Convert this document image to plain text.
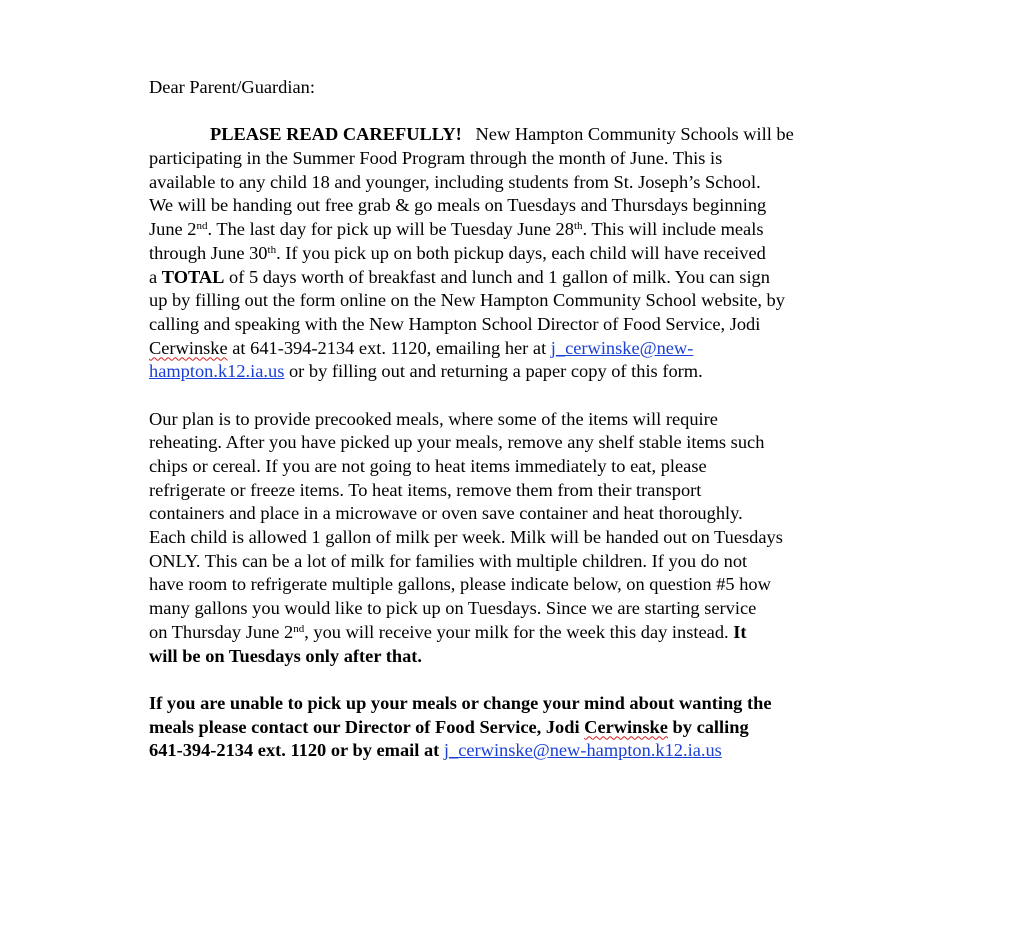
Dear Parent/Guardian:
PLEASE READ CAREFULLY! New Hampton Community Schools will be
participating in the Summer Food Program through the month of June. This is
available to any child 18 and younger, including students from St. Joseph’s School.
We will be handing out free grab & go meals on Tuesdays and Thursdays beginning
June 2nd. The last day for pick up will be Tuesday June 28th. This will include meals
through June 30th. If you pick up on both pickup days, each child will have received
a TOTAL of 5 days worth of breakfast and lunch and 1 gallon of milk. You can sign
up by filling out the form online on the New Hampton Community School website, by
calling and speaking with the New Hampton School Director of Food Service, Jodi
Cerwinske at 641-394-2134 ext. 1120, emailing her at j_cerwinske@new-
hampton.k12.ia.us or by filling out and returning a paper copy of this form.
Our plan is to provide precooked meals, where some of the items will require
reheating. After you have picked up your meals, remove any shelf stable items such
chips or cereal. If you are not going to heat items immediately to eat, please
refrigerate or freeze items. To heat items, remove them from their transport
containers and place in a microwave or oven save container and heat thoroughly.
Each child is allowed 1 gallon of milk per week. Milk will be handed out on Tuesdays
ONLY. This can be a lot of milk for families with multiple children. If you do not
have room to refrigerate multiple gallons, please indicate below, on question #5 how
many gallons you would like to pick up on Tuesdays. Since we are starting service
on Thursday June 2nd, you will receive your milk for the week this day instead. It
will be on Tuesdays only after that.
If you are unable to pick up your meals or change your mind about wanting the
meals please contact our Director of Food Service, Jodi Cerwinske by calling
641-394-2134 ext. 1120 or by email at j_cerwinske@new-hampton.k12.ia.us
